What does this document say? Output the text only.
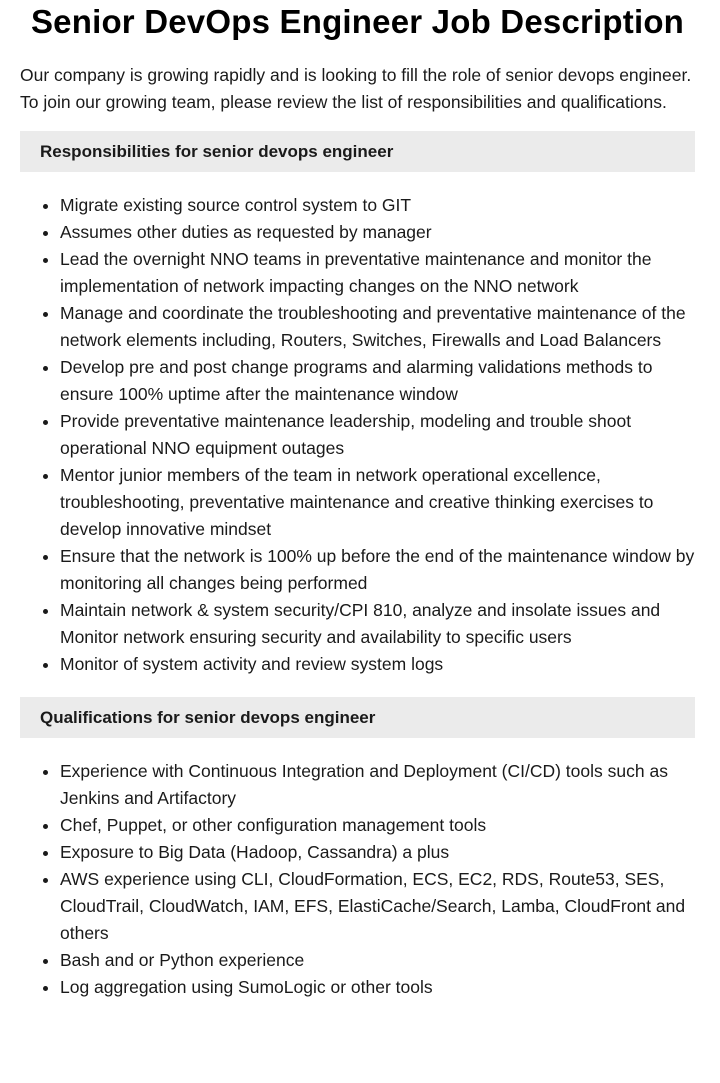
Senior DevOps Engineer Job Description

Our company is growing rapidly and is looking to fill the role of senior devops engineer. To join our growing team, please review the list of responsibilities and qualifications.

Responsibilities for senior devops engineer
• Migrate existing source control system to GIT
• Assumes other duties as requested by manager
• Lead the overnight NNO teams in preventative maintenance and monitor the implementation of network impacting changes on the NNO network
• Manage and coordinate the troubleshooting and preventative maintenance of the network elements including, Routers, Switches, Firewalls and Load Balancers
• Develop pre and post change programs and alarming validations methods to ensure 100% uptime after the maintenance window
• Provide preventative maintenance leadership, modeling and trouble shoot operational NNO equipment outages
• Mentor junior members of the team in network operational excellence, troubleshooting, preventative maintenance and creative thinking exercises to develop innovative mindset
• Ensure that the network is 100% up before the end of the maintenance window by monitoring all changes being performed
• Maintain network & system security/CPI 810, analyze and insolate issues and Monitor network ensuring security and availability to specific users
• Monitor of system activity and review system logs
Qualifications for senior devops engineer
• Experience with Continuous Integration and Deployment (CI/CD) tools such as Jenkins and Artifactory
• Chef, Puppet, or other configuration management tools
• Exposure to Big Data (Hadoop, Cassandra) a plus
• AWS experience using CLI, CloudFormation, ECS, EC2, RDS, Route53, SES, CloudTrail, CloudWatch, IAM, EFS, ElastiCache/Search, Lamba, CloudFront and others
• Bash and or Python experience
• Log aggregation using SumoLogic or other tools
